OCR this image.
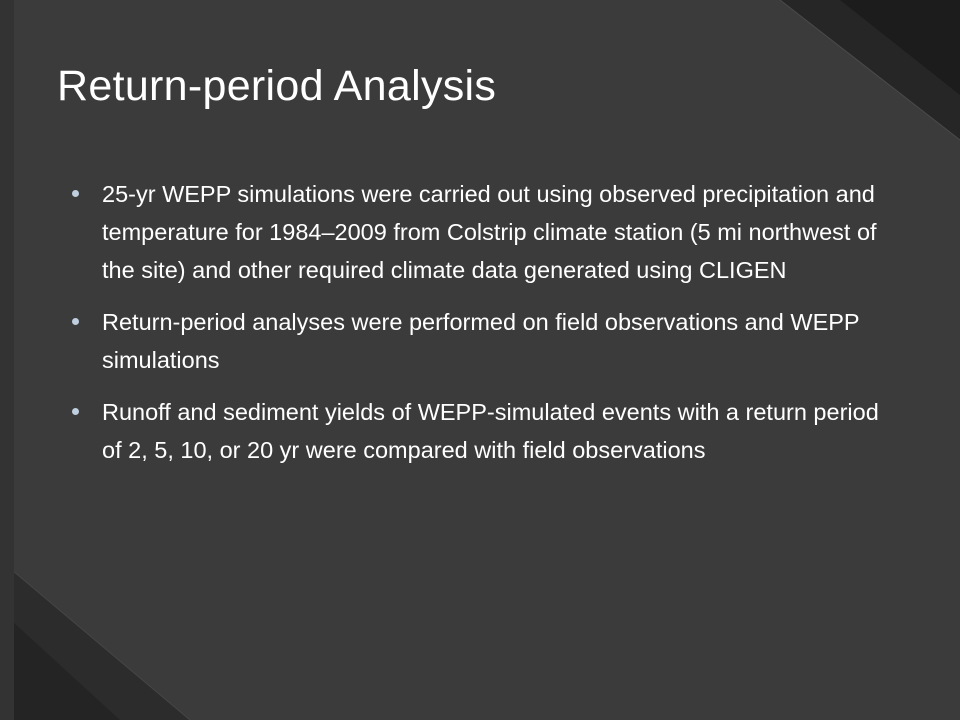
Return-period Analysis
25-yr WEPP simulations were carried out using observed precipitation and temperature for 1984–2009 from Colstrip climate station (5 mi northwest of the site) and other required climate data generated using CLIGEN
Return-period analyses were performed on field observations and WEPP simulations
Runoff and sediment yields of WEPP-simulated events with a return period of 2, 5, 10, or 20 yr were compared with field observations
